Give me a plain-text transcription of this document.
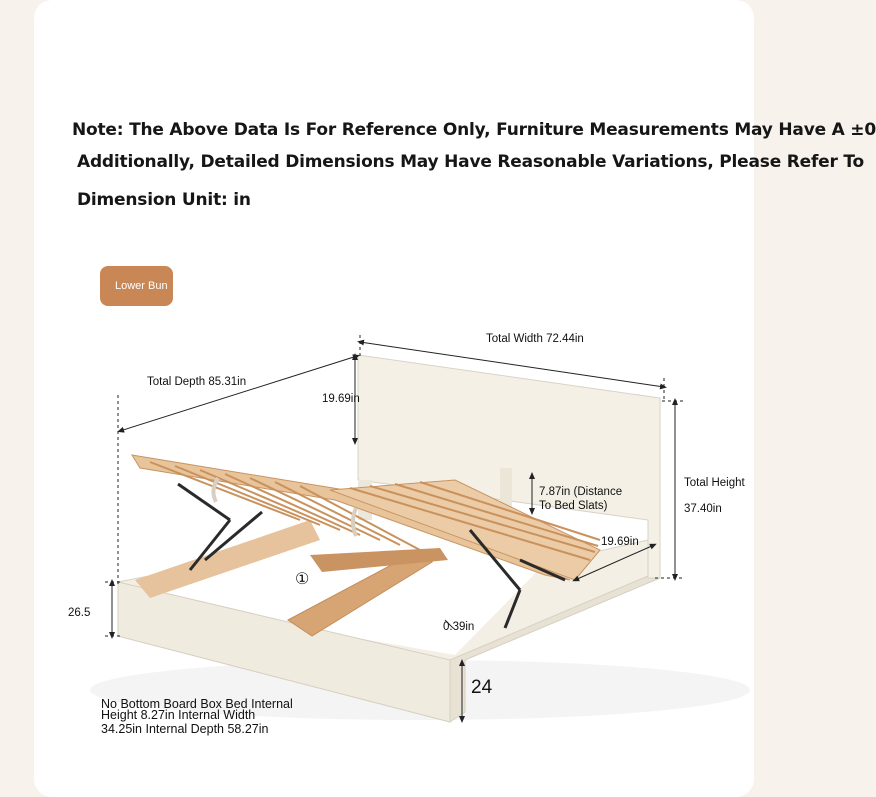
Note: The Above Data Is For Reference Only, Furniture Measurements May Have A ±0
Additionally, Detailed Dimensions May Have Reasonable Variations, Please Refer To
Dimension Unit: in
Lower Bun
Total Width 72.44in
Total Depth 85.31in
19.69in
7.87in (Distance
To Bed Slats)
Total Height
37.40in
19.69in
26.5
0.39in
24
①
No Bottom Board Box Bed Internal
Height 8.27in Internal Width
34.25in Internal Depth 58.27in
